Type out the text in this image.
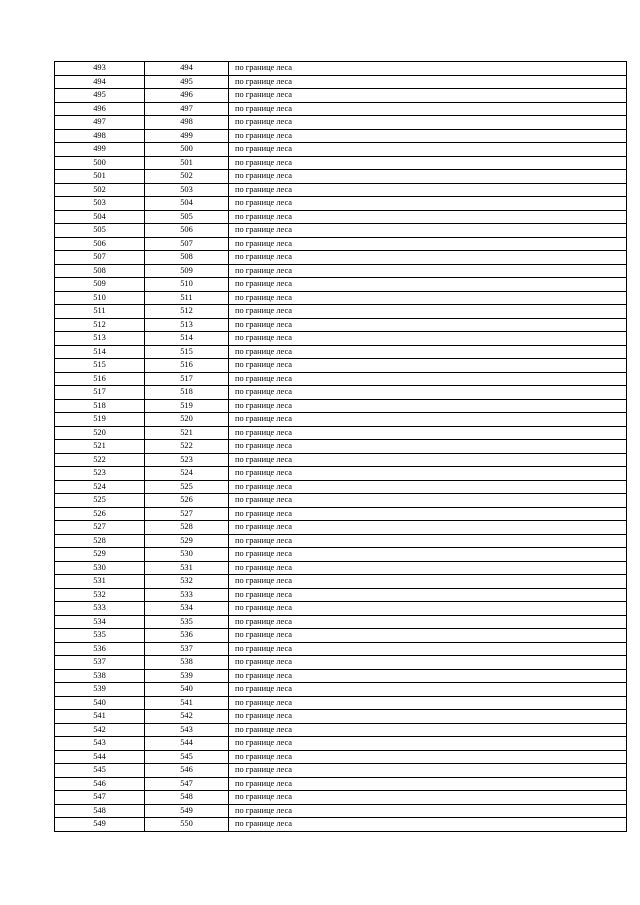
493	494	по границе леса
494	495	по границе леса
495	496	по границе леса
496	497	по границе леса
497	498	по границе леса
498	499	по границе леса
499	500	по границе леса
500	501	по границе леса
501	502	по границе леса
502	503	по границе леса
503	504	по границе леса
504	505	по границе леса
505	506	по границе леса
506	507	по границе леса
507	508	по границе леса
508	509	по границе леса
509	510	по границе леса
510	511	по границе леса
511	512	по границе леса
512	513	по границе леса
513	514	по границе леса
514	515	по границе леса
515	516	по границе леса
516	517	по границе леса
517	518	по границе леса
518	519	по границе леса
519	520	по границе леса
520	521	по границе леса
521	522	по границе леса
522	523	по границе леса
523	524	по границе леса
524	525	по границе леса
525	526	по границе леса
526	527	по границе леса
527	528	по границе леса
528	529	по границе леса
529	530	по границе леса
530	531	по границе леса
531	532	по границе леса
532	533	по границе леса
533	534	по границе леса
534	535	по границе леса
535	536	по границе леса
536	537	по границе леса
537	538	по границе леса
538	539	по границе леса
539	540	по границе леса
540	541	по границе леса
541	542	по границе леса
542	543	по границе леса
543	544	по границе леса
544	545	по границе леса
545	546	по границе леса
546	547	по границе леса
547	548	по границе леса
548	549	по границе леса
549	550	по границе леса
